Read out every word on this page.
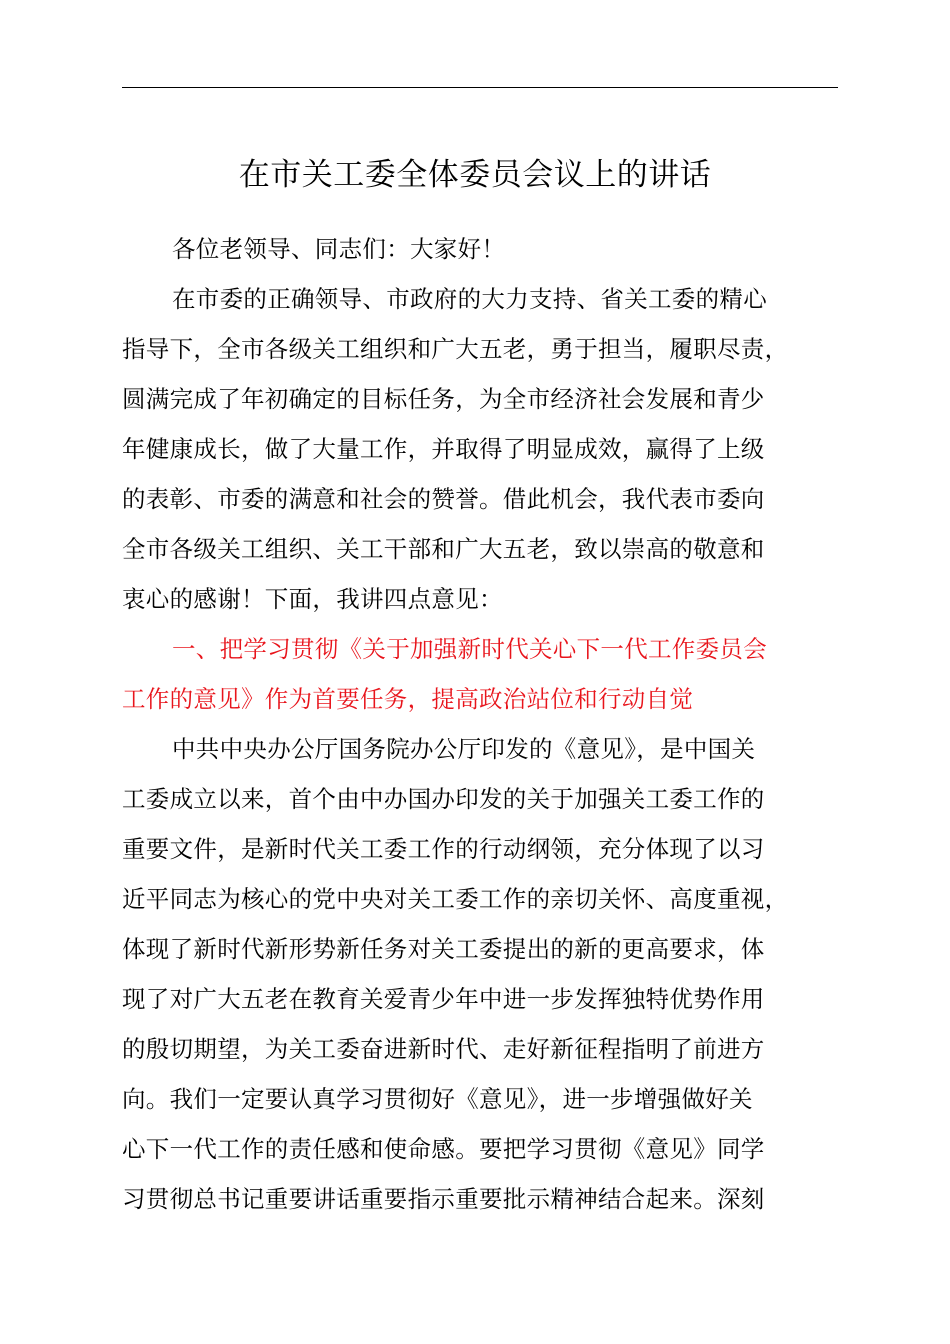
在市关工委全体委员会议上的讲话
各位老领导、同志们：大家好！
在市委的正确领导、市政府的大力支持、省关工委的精心
指导下，全市各级关工组织和广大五老，勇于担当，履职尽责，
圆满完成了年初确定的目标任务，为全市经济社会发展和青少
年健康成长，做了大量工作，并取得了明显成效，赢得了上级
的表彰、市委的满意和社会的赞誉。借此机会，我代表市委向
全市各级关工组织、关工干部和广大五老，致以崇高的敬意和
衷心的感谢！下面，我讲四点意见：
一、把学习贯彻《关于加强新时代关心下一代工作委员会
工作的意见》作为首要任务，提高政治站位和行动自觉
中共中央办公厅国务院办公厅印发的《意见》，是中国关
工委成立以来，首个由中办国办印发的关于加强关工委工作的
重要文件，是新时代关工委工作的行动纲领，充分体现了以习
近平同志为核心的党中央对关工委工作的亲切关怀、高度重视，
体现了新时代新形势新任务对关工委提出的新的更高要求，体
现了对广大五老在教育关爱青少年中进一步发挥独特优势作用
的殷切期望，为关工委奋进新时代、走好新征程指明了前进方
向。我们一定要认真学习贯彻好《意见》，进一步增强做好关
心下一代工作的责任感和使命感。要把学习贯彻《意见》同学
习贯彻总书记重要讲话重要指示重要批示精神结合起来。深刻
